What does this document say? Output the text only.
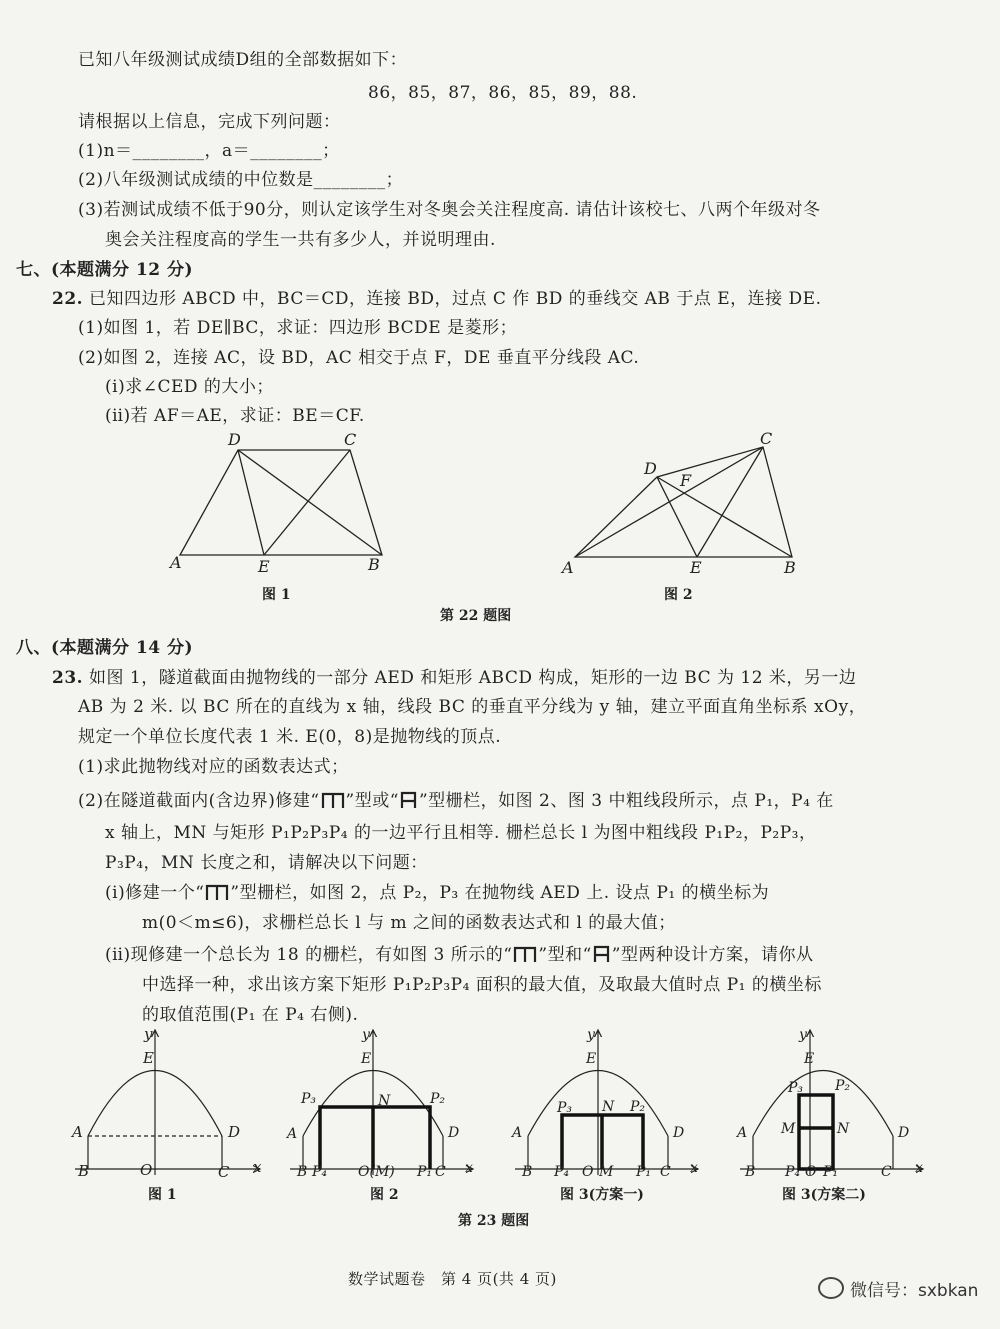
已知八年级测试成绩D组的全部数据如下：
86，85，87，86，85，89，88.
请根据以上信息，完成下列问题：
(1)n＝________，a＝________；
(2)八年级测试成绩的中位数是________；
(3)若测试成绩不低于90分，则认定该学生对冬奥会关注程度高. 请估计该校七、八两个年级对冬
奥会关注程度高的学生一共有多少人，并说明理由.
七、(本题满分 12 分)
22. 已知四边形 ABCD 中，BC＝CD，连接 BD，过点 C 作 BD 的垂线交 AB 于点 E，连接 DE.
(1)如图 1，若 DE∥BC，求证：四边形 BCDE 是菱形；
(2)如图 2，连接 AC，设 BD，AC 相交于点 F，DE 垂直平分线段 AC.
(ⅰ)求∠CED 的大小；
(ⅱ)若 AF＝AE，求证：BE＝CF.
D	C
A	E	B
图 1
D
C
F
A	E	B
图 2
第 22 题图
八、(本题满分 14 分)
23. 如图 1，隧道截面由抛物线的一部分 AED 和矩形 ABCD 构成，矩形的一边 BC 为 12 米，另一边
AB 为 2 米. 以 BC 所在的直线为 x 轴，线段 BC 的垂直平分线为 y 轴，建立平面直角坐标系 xOy，
规定一个单位长度代表 1 米. E(0，8)是抛物线的顶点.
(1)求此抛物线对应的函数表达式；
(2)在隧道截面内(含边界)修建“ ”型或“ ”型栅栏，如图 2、图 3 中粗线段所示，点 P₁，P₄ 在
x 轴上，MN 与矩形 P₁P₂P₃P₄ 的一边平行且相等. 栅栏总长 l 为图中粗线段 P₁P₂，P₂P₃，
P₃P₄，MN 长度之和，请解决以下问题：
(ⅰ)修建一个“ ”型栅栏，如图 2，点 P₂，P₃ 在抛物线 AED 上. 设点 P₁ 的横坐标为
m(0＜m≤6)，求栅栏总长 l 与 m 之间的函数表达式和 l 的最大值；
(ⅱ)现修建一个总长为 18 的栅栏，有如图 3 所示的“ ”型和“ ”型两种设计方案，请你从
中选择一种，求出该方案下矩形 P₁P₂P₃P₄ 面积的最大值，及取最大值时点 P₁ 的横坐标
的取值范围(P₁ 在 P₄ 右侧).
E
A	D
B	O	C x
y
图 1
E
A	D
P₃	N	P₂
B P₄ O(M) P₁ C x
y
图 2
E
A	D
P₃ N P₂
B P₄ O M P₁ C x
y
图 3(方案一)
E
A	D
P₃ P₂
M	N
B P₄ O P₁	C x
y
图 3(方案二)
第 23 题图
数学试题卷　第 4 页(共 4 页)
微信号：sxbkan
